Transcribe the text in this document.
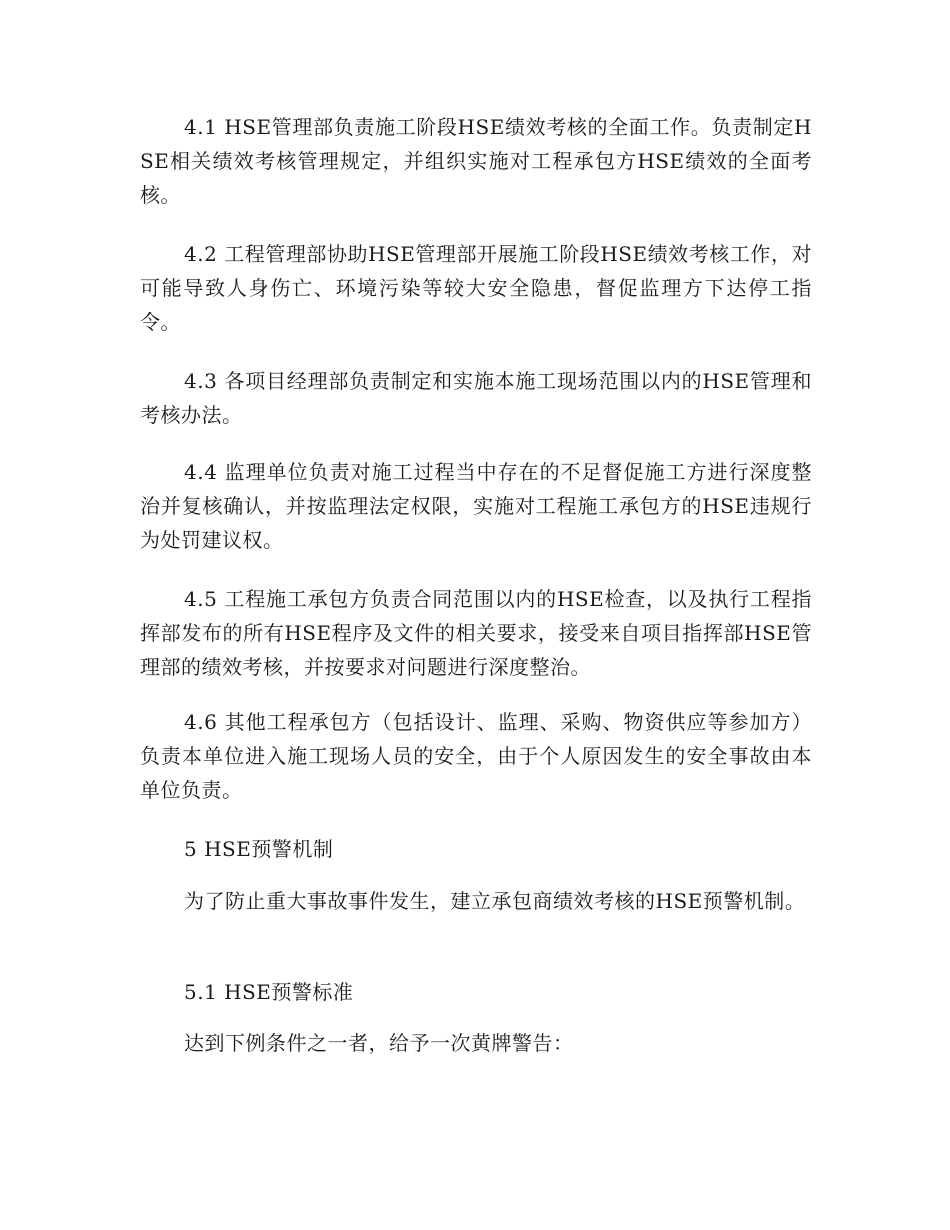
4.1 HSE管理部负责施工阶段HSE绩效考核的全面工作。负责制定HSE相关绩效考核管理规定，并组织实施对工程承包方HSE绩效的全面考核。

4.2 工程管理部协助HSE管理部开展施工阶段HSE绩效考核工作，对可能导致人身伤亡、环境污染等较大安全隐患，督促监理方下达停工指令。

4.3 各项目经理部负责制定和实施本施工现场范围以内的HSE管理和考核办法。

4.4 监理单位负责对施工过程当中存在的不足督促施工方进行深度整治并复核确认，并按监理法定权限，实施对工程施工承包方的HSE违规行为处罚建议权。

4.5 工程施工承包方负责合同范围以内的HSE检查，以及执行工程指挥部发布的所有HSE程序及文件的相关要求，接受来自项目指挥部HSE管理部的绩效考核，并按要求对问题进行深度整治。

4.6 其他工程承包方（包括设计、监理、采购、物资供应等参加方）负责本单位进入施工现场人员的安全，由于个人原因发生的安全事故由本单位负责。

5 HSE预警机制

为了防止重大事故事件发生，建立承包商绩效考核的HSE预警机制。

5.1 HSE预警标准

达到下例条件之一者，给予一次黄牌警告：
